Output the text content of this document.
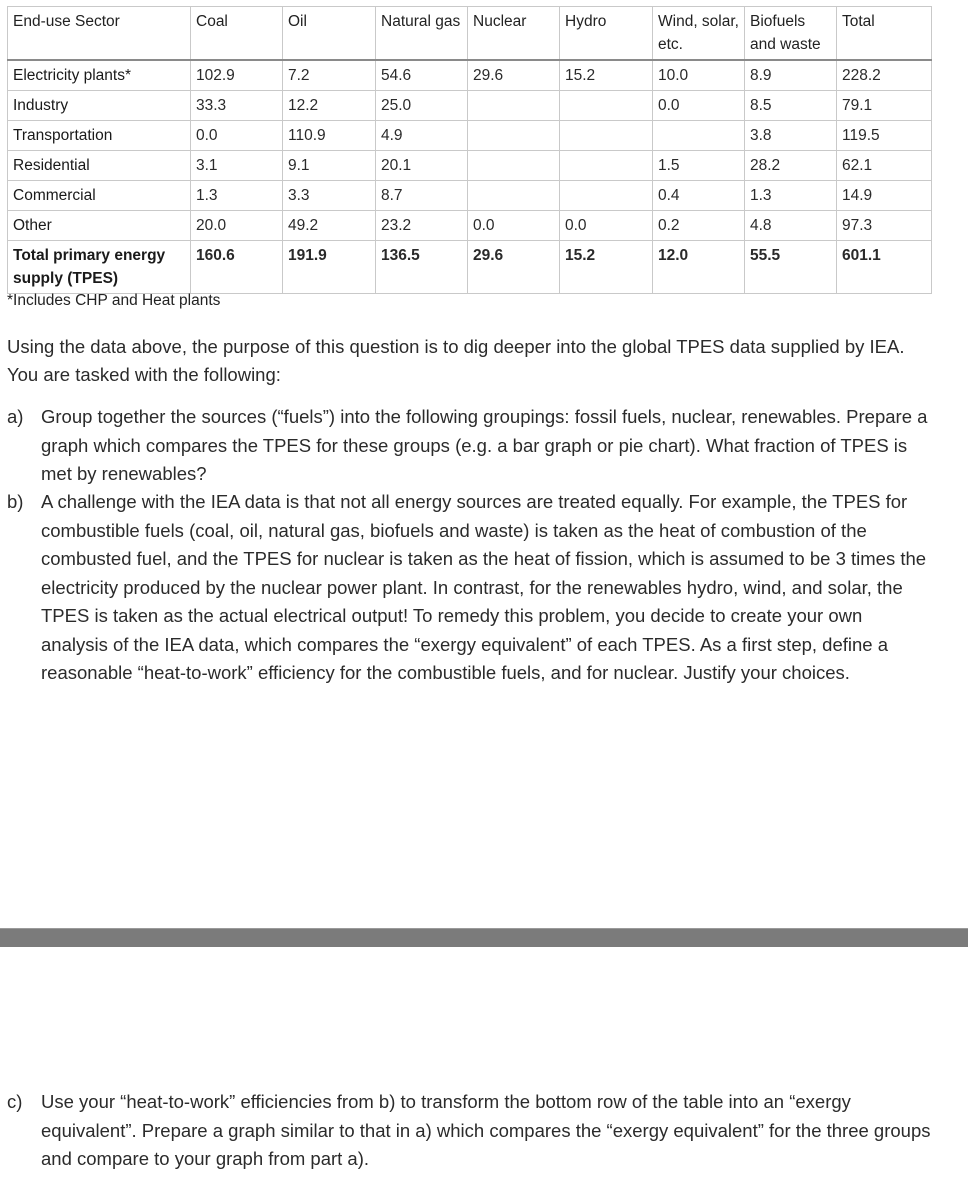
End-use Sector	Coal	Oil	Natural gas	Nuclear	Hydro	Wind, solar, etc.	Biofuels and waste	Total
Electricity plants*	102.9	7.2	54.6	29.6	15.2	10.0	8.9	228.2
Industry	33.3	12.2	25.0			0.0	8.5	79.1
Transportation	0.0	110.9	4.9				3.8	119.5
Residential	3.1	9.1	20.1			1.5	28.2	62.1
Commercial	1.3	3.3	8.7			0.4	1.3	14.9
Other	20.0	49.2	23.2	0.0	0.0	0.2	4.8	97.3
Total primary energy supply (TPES)	160.6	191.9	136.5	29.6	15.2	12.0	55.5	601.1
*Includes CHP and Heat plants
Using the data above, the purpose of this question is to dig deeper into the global TPES data supplied by IEA. You are tasked with the following:
a) Group together the sources (“fuels”) into the following groupings: fossil fuels, nuclear, renewables. Prepare a graph which compares the TPES for these groups (e.g. a bar graph or pie chart). What fraction of TPES is met by renewables?
b) A challenge with the IEA data is that not all energy sources are treated equally. For example, the TPES for combustible fuels (coal, oil, natural gas, biofuels and waste) is taken as the heat of combustion of the combusted fuel, and the TPES for nuclear is taken as the heat of fission, which is assumed to be 3 times the electricity produced by the nuclear power plant. In contrast, for the renewables hydro, wind, and solar, the TPES is taken as the actual electrical output! To remedy this problem, you decide to create your own analysis of the IEA data, which compares the “exergy equivalent” of each TPES. As a first step, define a reasonable “heat-to-work” efficiency for the combustible fuels, and for nuclear. Justify your choices.
c) Use your “heat-to-work” efficiencies from b) to transform the bottom row of the table into an “exergy equivalent”. Prepare a graph similar to that in a) which compares the “exergy equivalent” for the three groups and compare to your graph from part a).
